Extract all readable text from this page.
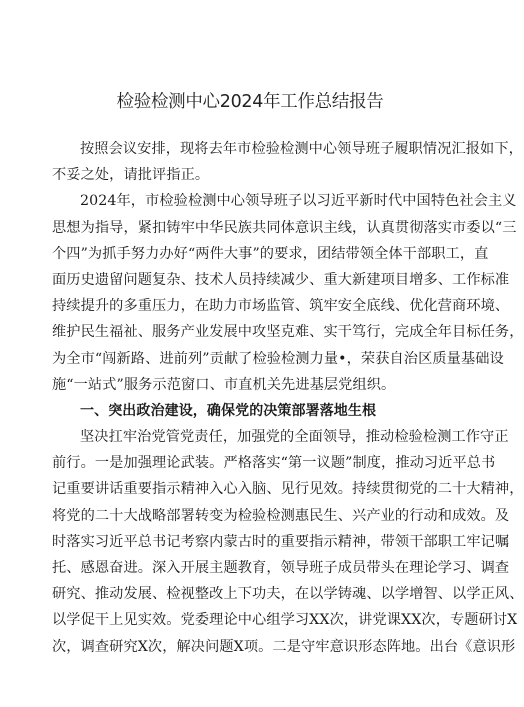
检验检测中心2024年工作总结报告
按照会议安排，现将去年市检验检测中心领导班子履职情况汇报如下，
不妥之处，请批评指正。
2024年，市检验检测中心领导班子以习近平新时代中国特色社会主义
思想为指导，紧扣铸牢中华民族共同体意识主线，认真贯彻落实市委以“三
个四”为抓手努力办好“两件大事”的要求，团结带领全体干部职工，直
面历史遗留问题复杂、技术人员持续减少、重大新建项目增多、工作标准
持续提升的多重压力，在助力市场监管、筑牢安全底线、优化营商环境、
维护民生福祉、服务产业发展中攻坚克难、实干笃行，完成全年目标任务，
为全市“闯新路、进前列”贡献了检验检测力量•，荣获自治区质量基础设
施“一站式”服务示范窗口、市直机关先进基层党组织。
一、突出政治建设，确保党的决策部署落地生根
坚决扛牢治党管党责任，加强党的全面领导，推动检验检测工作守正
前行。一是加强理论武装。严格落实“第一议题”制度，推动习近平总书
记重要讲话重要指示精神入心入脑、见行见效。持续贯彻党的二十大精神，
将党的二十大战略部署转变为检验检测惠民生、兴产业的行动和成效。及
时落实习近平总书记考察内蒙古时的重要指示精神，带领干部职工牢记嘱
托、感恩奋进。深入开展主题教育，领导班子成员带头在理论学习、调查
研究、推动发展、检视整改上下功夫，在以学铸魂、以学增智、以学正风、
以学促干上见实效。党委理论中心组学习XX次，讲党课XX次，专题研讨X
次，调查研究X次，解决问题X项。二是守牢意识形态阵地。出台《意识形
